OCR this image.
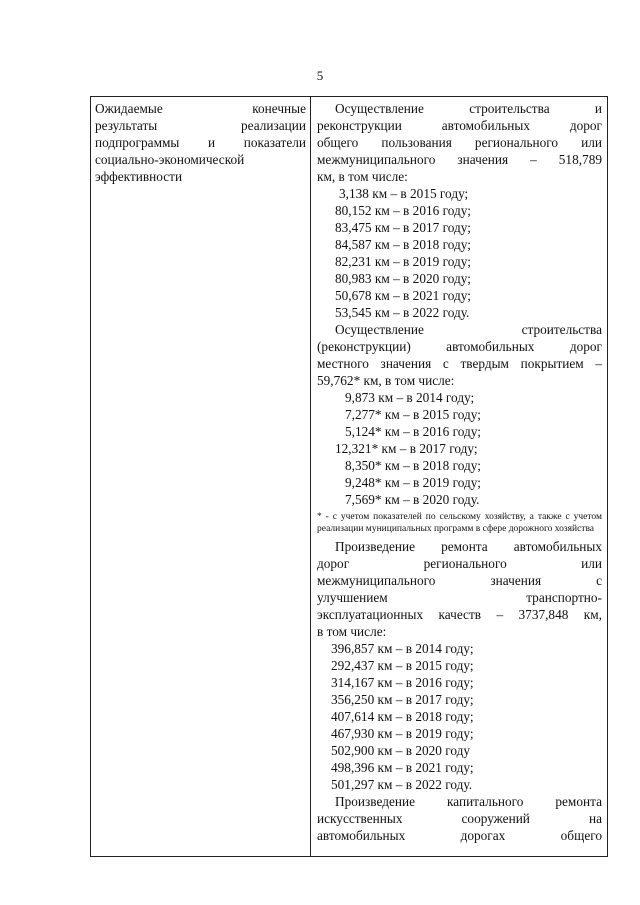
5
Ожидаемые конечные
результаты реализации
подпрограммы и показатели
социально-экономической
эффективности
Осуществление строительства и
реконструкции автомобильных дорог
общего пользования регионального или
межмуниципального значения – 518,789
км, в том числе:
3,138 км – в 2015 году;
80,152 км – в 2016 году;
83,475 км – в 2017 году;
84,587 км – в 2018 году;
82,231 км – в 2019 году;
80,983 км – в 2020 году;
50,678 км – в 2021 году;
53,545 км – в 2022 году.
Осуществление строительства
(реконструкции) автомобильных дорог
местного значения с твердым покрытием –
59,762* км, в том числе:
9,873 км – в 2014 году;
7,277* км – в 2015 году;
5,124* км – в 2016 году;
12,321* км – в 2017 году;
8,350* км – в 2018 году;
9,248* км – в 2019 году;
7,569* км – в 2020 году.
* - с учетом показателей по сельскому хозяйству, а также с учетом реализации муниципальных программ в сфере дорожного хозяйства
Произведение ремонта автомобильных
дорог регионального или
межмуниципального значения с
улучшением транспортно-
эксплуатационных качеств – 3737,848 км,
в том числе:
396,857 км – в 2014 году;
292,437 км – в 2015 году;
314,167 км – в 2016 году;
356,250 км – в 2017 году;
407,614 км – в 2018 году;
467,930 км – в 2019 году;
502,900 км – в 2020 году
498,396 км – в 2021 году;
501,297 км – в 2022 году.
Произведение капитального ремонта
искусственных сооружений на
автомобильных дорогах общего
